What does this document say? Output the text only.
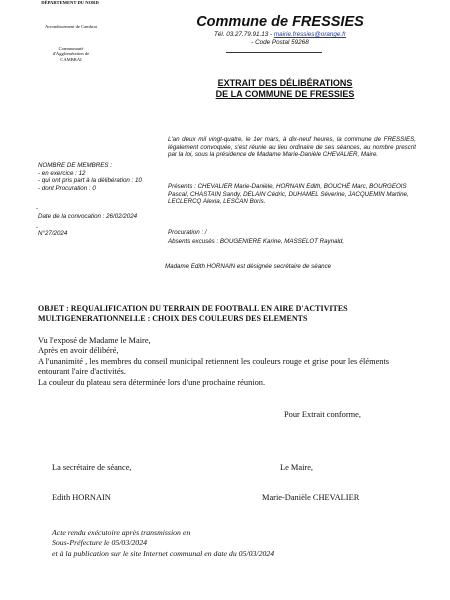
DÉPARTEMENT DU NORD
Arrondissement de Cambrai
Communauté
d'Agglomération de
CAMBRAI
Commune de FRESSIES
Tél. 03.27.79.91.13 - mairie.fressies@orange.fr
- Code Postal 59268
EXTRAIT DES DÉLIBÉRATIONS
DE LA COMMUNE DE FRESSIES
L'an deux mil vingt-quatre, le 1er mars, à dix-neuf heures, la commune de FRESSIES, légalement convoquée, s'est réunie au lieu ordinaire de ses séances, au nombre prescrit par la loi, sous la présidence de Madame Marie-Danièle CHEVALIER, Maire.
NOMBRE DE MEMBRES :
- en exercice : 12
- qui ont pris part à la délibération : 10
- dont Procuration : 0
-
Date de la convocation : 26/02/2024
-
N°27/2024
Présents : CHEVALIER Marie-Danièle, HORNAIN Edith, BOUCHÉ Marc, BOURGEOIS Pascal, CHASTAIN Sandy, DELAIN Cédric, DUHAMEL Séverine, JACQUEMIN Martine, LECLERCQ Alexia, LESCAN Boris.
Procuration : /
Absents excusés : BOUGENIERE Karine, MASSELOT Raynald,
Madame Edith HORNAIN est désignée secrétaire de séance
OBJET : REQUALIFICATION DU TERRAIN DE FOOTBALL EN AIRE D'ACTIVITES MULTIGENERATIONNELLE : CHOIX DES COULEURS DES ELEMENTS

Vu l'exposé de Madame le Maire,

Après en avoir délibéré,

A l'unanimité , les membres du conseil municipal retiennent les couleurs rouge et grise pour les éléments entourant l'aire d'activités.

La couleur du plateau sera déterminée lors d'une prochaine réunion.

Pour Extrait conforme,
La secrétaire de séance,	Le Maire,
Edith HORNAIN	Marie-Danièle CHEVALIER
Acte rendu exécutoire après transmission en
Sous-Préfecture le 05/03/2024
et à la publication sur le site Internet communal en date du 05/03/2024
